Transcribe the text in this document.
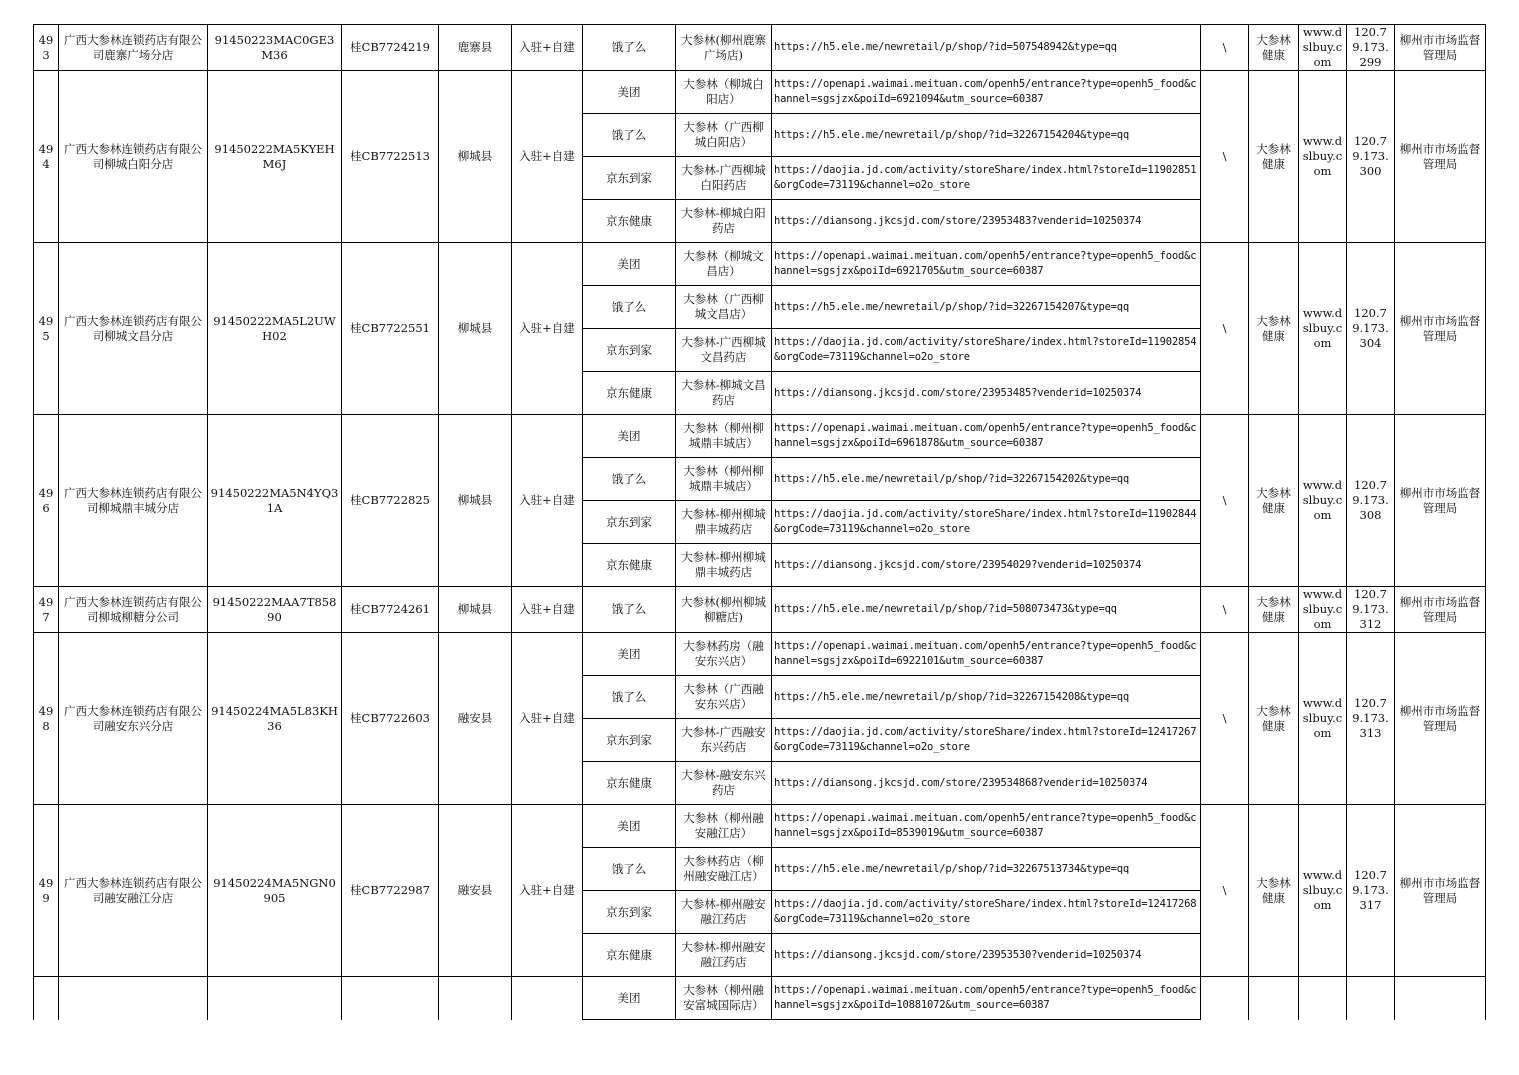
493	广西大参林连锁药店有限公司鹿寨广场分店	91450223MAC0GE3M36	桂CB7724219	鹿寨县	入驻+自建	饿了么	大参林(柳州鹿寨广场店)	https://h5.ele.me/newretail/p/shop/?id=507548942&type=qq	\	大参林健康	www.dslbuy.com	120.79.173.299	柳州市市场监督管理局
494	广西大参林连锁药店有限公司柳城白阳分店	91450222MA5KYEHM6J	桂CB7722513	柳城县	入驻+自建	美团	大参林（柳城白阳店）	https://openapi.waimai.meituan.com/openh5/entrance?type=openh5_food&channel=sgsjzx&poiId=6921094&utm_source=60387	\	大参林健康	www.dslbuy.com	120.79.173.300	柳州市市场监督管理局
						饿了么	大参林（广西柳城白阳店）	https://h5.ele.me/newretail/p/shop/?id=32267154204&type=qq					
						京东到家	大参林-广西柳城白阳药店	https://daojia.jd.com/activity/storeShare/index.html?storeId=11902851&orgCode=73119&channel=o2o_store					
						京东健康	大参林-柳城白阳药店	https://diansong.jkcsjd.com/store/23953483?venderid=10250374					
495	广西大参林连锁药店有限公司柳城文昌分店	91450222MA5L2UWH02	桂CB7722551	柳城县	入驻+自建	美团	大参林（柳城文昌店）	https://openapi.waimai.meituan.com/openh5/entrance?type=openh5_food&channel=sgsjzx&poiId=6921705&utm_source=60387	\	大参林健康	www.dslbuy.com	120.79.173.304	柳州市市场监督管理局
						饿了么	大参林（广西柳城文昌店）	https://h5.ele.me/newretail/p/shop/?id=32267154207&type=qq					
						京东到家	大参林-广西柳城文昌药店	https://daojia.jd.com/activity/storeShare/index.html?storeId=11902854&orgCode=73119&channel=o2o_store					
						京东健康	大参林-柳城文昌药店	https://diansong.jkcsjd.com/store/23953485?venderid=10250374					
496	广西大参林连锁药店有限公司柳城鼎丰城分店	91450222MA5N4YQ31A	桂CB7722825	柳城县	入驻+自建	美团	大参林（柳州柳城鼎丰城店）	https://openapi.waimai.meituan.com/openh5/entrance?type=openh5_food&channel=sgsjzx&poiId=6961878&utm_source=60387	\	大参林健康	www.dslbuy.com	120.79.173.308	柳州市市场监督管理局
						饿了么	大参林（柳州柳城鼎丰城店）	https://h5.ele.me/newretail/p/shop/?id=32267154202&type=qq					
						京东到家	大参林-柳州柳城鼎丰城药店	https://daojia.jd.com/activity/storeShare/index.html?storeId=11902844&orgCode=73119&channel=o2o_store					
						京东健康	大参林-柳州柳城鼎丰城药店	https://diansong.jkcsjd.com/store/23954029?venderid=10250374					
497	广西大参林连锁药店有限公司柳城柳糖分公司	91450222MAA7T85890	桂CB7724261	柳城县	入驻+自建	饿了么	大参林(柳州柳城柳糖店)	https://h5.ele.me/newretail/p/shop/?id=508073473&type=qq	\	大参林健康	www.dslbuy.com	120.79.173.312	柳州市市场监督管理局
498	广西大参林连锁药店有限公司融安东兴分店	91450224MA5L83KH36	桂CB7722603	融安县	入驻+自建	美团	大参林药房（融安东兴店）	https://openapi.waimai.meituan.com/openh5/entrance?type=openh5_food&channel=sgsjzx&poiId=6922101&utm_source=60387	\	大参林健康	www.dslbuy.com	120.79.173.313	柳州市市场监督管理局
						饿了么	大参林（广西融安东兴店）	https://h5.ele.me/newretail/p/shop/?id=32267154208&type=qq					
						京东到家	大参林-广西融安东兴药店	https://daojia.jd.com/activity/storeShare/index.html?storeId=12417267&orgCode=73119&channel=o2o_store					
						京东健康	大参林-融安东兴药店	https://diansong.jkcsjd.com/store/239534868?venderid=10250374					
499	广西大参林连锁药店有限公司融安融江分店	91450224MA5NGN0905	桂CB7722987	融安县	入驻+自建	美团	大参林（柳州融安融江店）	https://openapi.waimai.meituan.com/openh5/entrance?type=openh5_food&channel=sgsjzx&poiId=8539019&utm_source=60387	\	大参林健康	www.dslbuy.com	120.79.173.317	柳州市市场监督管理局
						饿了么	大参林药店（柳州融安融江店）	https://h5.ele.me/newretail/p/shop/?id=32267513734&type=qq					
						京东到家	大参林-柳州融安融江药店	https://daojia.jd.com/activity/storeShare/index.html?storeId=12417268&orgCode=73119&channel=o2o_store					
						京东健康	大参林-柳州融安融江药店	https://diansong.jkcsjd.com/store/23953530?venderid=10250374					
						美团	大参林（柳州融安富城国际店）	https://openapi.waimai.meituan.com/openh5/entrance?type=openh5_food&channel=sgsjzx&poiId=10881072&utm_source=60387					
